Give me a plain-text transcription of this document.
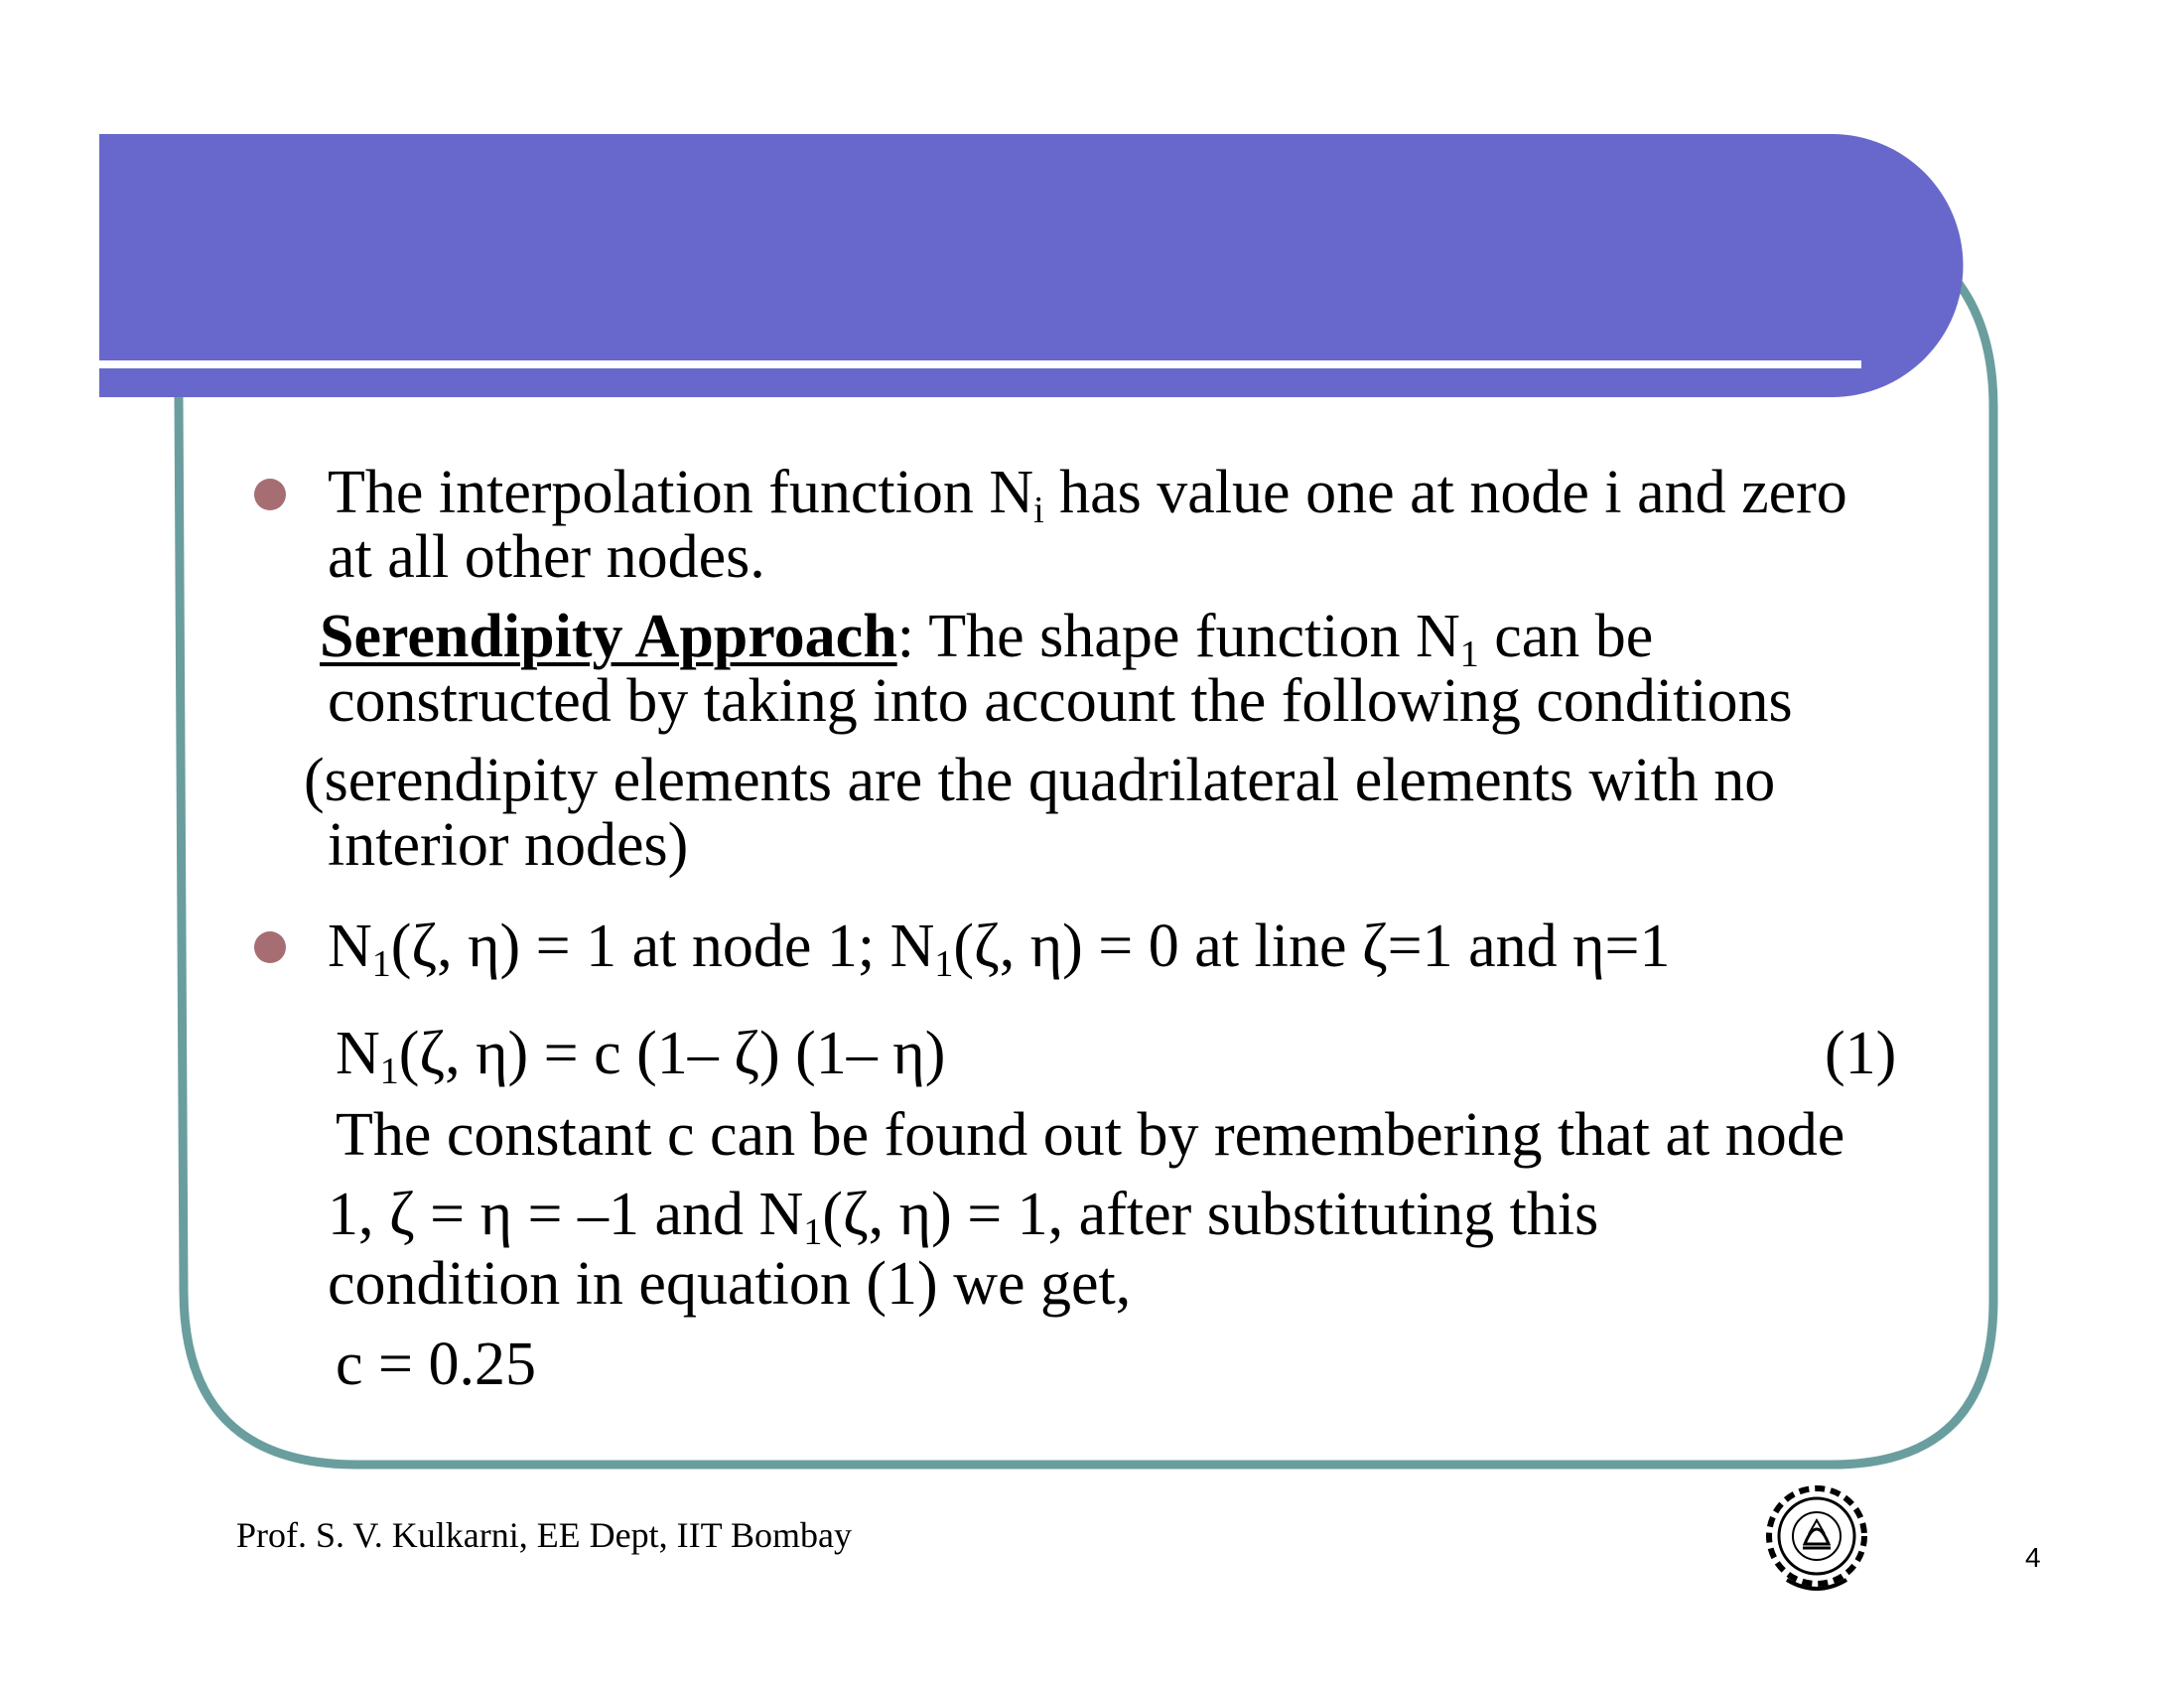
The interpolation function $N_i$ has value one at node i and zero
at all other nodes.
Serendipity Approach: The shape function $N_1$ can be
constructed by taking into account the following conditions
(serendipity elements are the quadrilateral elements with no
interior nodes)
$N_1(\zeta$, η) = 1 at node 1; $N_1(\zeta$, η) = 0 at line ζ=1 and η=1
$N_1(\zeta$, η) = c (1– ζ) (1– η)	(1)
The constant c can be found out by remembering that at node
1, ζ = η = –1 and $N_1(\zeta$, η) = 1, after substituting this
condition in equation (1) we get,
c = 0.25
Prof. S. V. Kulkarni, EE Dept, IIT Bombay
4
